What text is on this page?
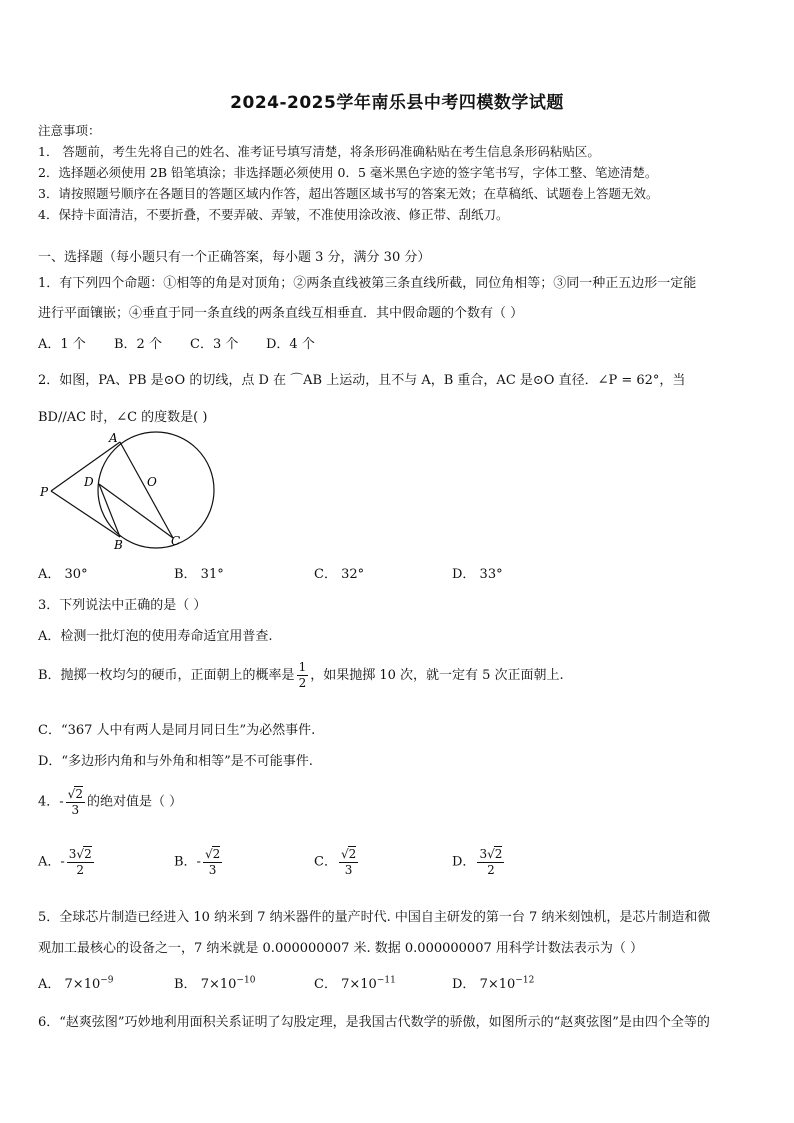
2024-2025学年南乐县中考四模数学试题
注意事项：
1． 答题前，考生先将自己的姓名、准考证号填写清楚，将条形码准确粘贴在考生信息条形码粘贴区。
2．选择题必须使用 2B 铅笔填涂；非选择题必须使用 0．5 毫米黑色字迹的签字笔书写，字体工整、笔迹清楚。
3．请按照题号顺序在各题目的答题区域内作答，超出答题区域书写的答案无效；在草稿纸、试题卷上答题无效。
4．保持卡面清洁，不要折叠，不要弄破、弄皱，不准使用涂改液、修正带、刮纸刀。
一、选择题（每小题只有一个正确答案，每小题 3 分，满分 30 分）
1．有下列四个命题：①相等的角是对顶角；②两条直线被第三条直线所截，同位角相等；③同一种正五边形一定能
进行平面镶嵌；④垂直于同一条直线的两条直线互相垂直．其中假命题的个数有（ ）
A．1 个 B．2 个 C．3 个 D．4 个
2．如图，PA、PB 是⊙O 的切线，点 D 在 ⌒AB 上运动，且不与 A，B 重合，AC 是⊙O 直径．∠P = 62°，当
BD//AC 时，∠C 的度数是( )
A
O
P
D
B	C
A． 30°	B． 31°	C． 32°	D． 33°
3．下列说法中正确的是（ ）
A．检测一批灯泡的使用寿命适宜用普查.
B．抛掷一枚均匀的硬币，正面朝上的概率是 $\frac{1}{2}$ ，如果抛掷 10 次，就一定有 5 次正面朝上.
C．“367 人中有两人是同月同日生”为必然事件.
D．“多边形内角和与外角和相等”是不可能事件.
4．- $\frac{√2}{3}$ 的绝对值是（ ）
A．- $\frac{3√2}{2}$	B．- $\frac{√2}{3}$	C． $\frac{√2}{3}$	D． $\frac{3√2}{2}$
5．全球芯片制造已经进入 10 纳米到 7 纳米器件的量产时代. 中国自主研发的第一台 7 纳米刻蚀机，是芯片制造和微
观加工最核心的设备之一，7 纳米就是 0.000000007 米. 数据 0.000000007 用科学计数法表示为（ ）
A． $7\times 10^{-9}$	B． $7\times 10^{-10}$	C． $7\times 10^{-11}$	D． $7\times 10^{-12}$
6．“赵爽弦图”巧妙地利用面积关系证明了勾股定理，是我国古代数学的骄傲，如图所示的“赵爽弦图”是由四个全等的
